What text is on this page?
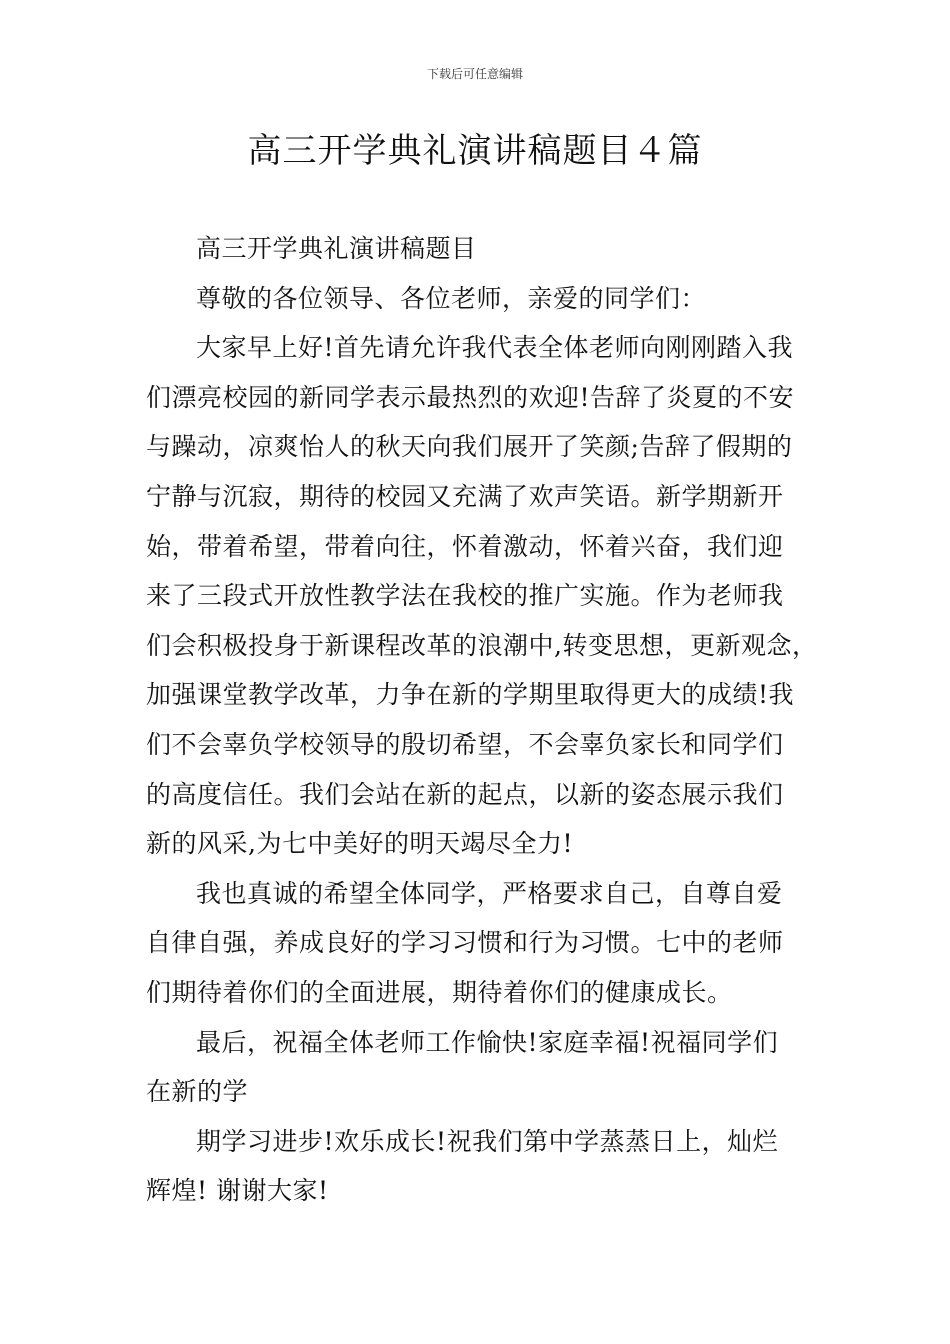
下载后可任意编辑
高三开学典礼演讲稿题目４篇

高三开学典礼演讲稿题目

尊敬的各位领导、各位老师，亲爱的同学们：

大家早上好!首先请允许我代表全体老师向刚刚踏入我
们漂亮校园的新同学表示最热烈的欢迎!告辞了炎夏的不安
与躁动，凉爽怡人的秋天向我们展开了笑颜;告辞了假期的
宁静与沉寂，期待的校园又充满了欢声笑语。新学期新开
始，带着希望，带着向往，怀着激动，怀着兴奋，我们迎
来了三段式开放性教学法在我校的推广实施。作为老师我
们会积极投身于新课程改革的浪潮中,转变思想，更新观念，
加强课堂教学改革，力争在新的学期里取得更大的成绩!我
们不会辜负学校领导的殷切希望，不会辜负家长和同学们
的高度信任。我们会站在新的起点，以新的姿态展示我们
新的风采,为七中美好的明天竭尽全力!

我也真诚的希望全体同学，严格要求自己，自尊自爱
自律自强，养成良好的学习习惯和行为习惯。七中的老师
们期待着你们的全面进展，期待着你们的健康成长。

最后，祝福全体老师工作愉快!家庭幸福!祝福同学们
在新的学

期学习进步!欢乐成长!祝我们第中学蒸蒸日上，灿烂
辉煌! 谢谢大家!
